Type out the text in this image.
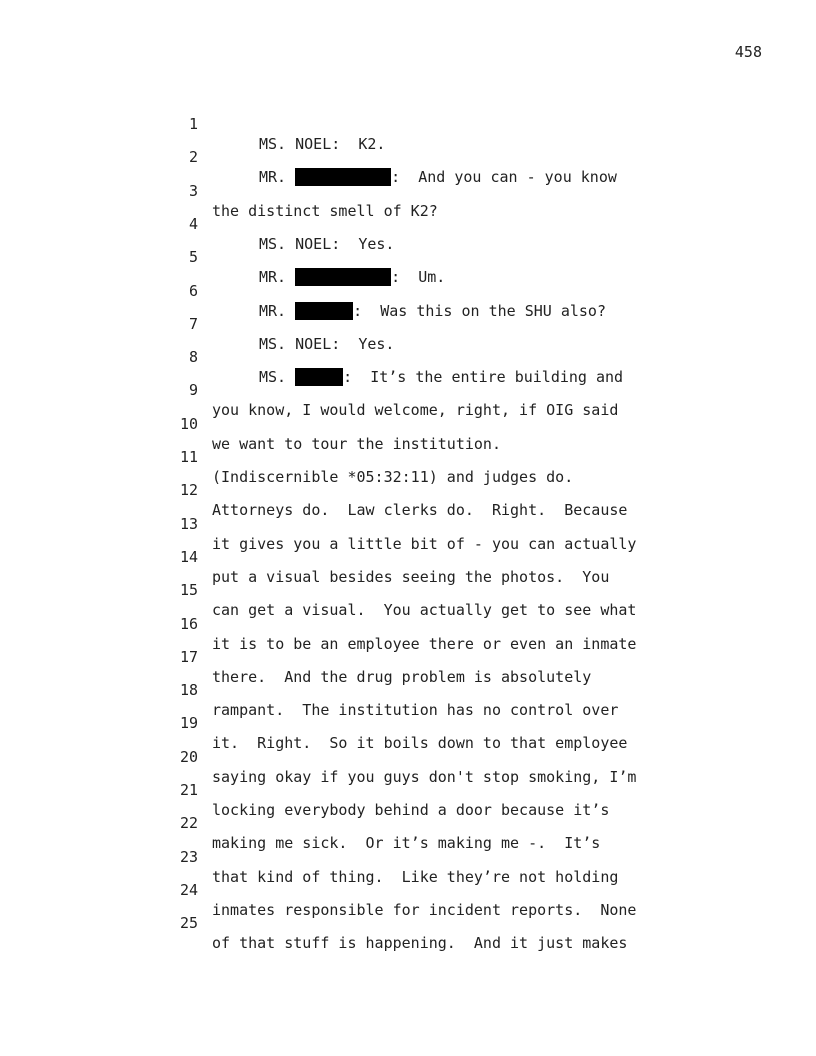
458

1

MS. NOEL:  K2.

2

MR.	:  And you can - you know

3

the distinct smell of K2?

4

MS. NOEL:  Yes.

5

MR.	:  Um.

6

MR.	:  Was this on the SHU also?

7

MS. NOEL:  Yes.

8

MS.	:  It’s the entire building and

9

you know, I would welcome, right, if OIG said

10

we want to tour the institution.

11

(Indiscernible *05:32:11) and judges do.

12

Attorneys do.  Law clerks do.  Right.  Because

13

it gives you a little bit of - you can actually

14

put a visual besides seeing the photos.  You

15

can get a visual.  You actually get to see what

16

it is to be an employee there or even an inmate

17

there.  And the drug problem is absolutely

18

rampant.  The institution has no control over

19

it.  Right.  So it boils down to that employee

20

saying okay if you guys don't stop smoking, I’m

21

locking everybody behind a door because it’s

22

making me sick.  Or it’s making me -.  It’s

23

that kind of thing.  Like they’re not holding

24

inmates responsible for incident reports.  None

25

of that stuff is happening.  And it just makes
